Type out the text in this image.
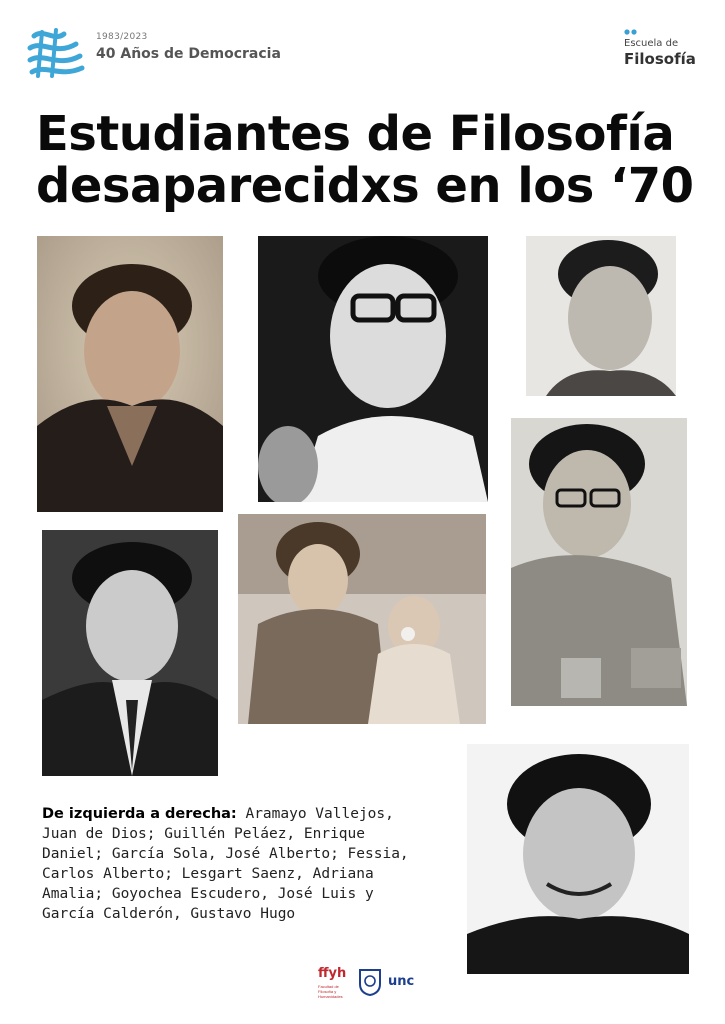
1983/2023
40 Años de Democracia
Escuela de
Filosofía
Estudiantes de Filosofía
desaparecidxs en los ‘70
De izquierda a derecha: Aramayo Vallejos, Juan de Dios; Guillén Peláez, Enrique Daniel; García Sola, José Alberto; Fessia, Carlos Alberto; Lesgart Saenz, Adriana Amalia; Goyochea Escudero, José Luis y García Calderón, Gustavo Hugo
ffyh
Facultad de Filosofía y Humanidades
unc
